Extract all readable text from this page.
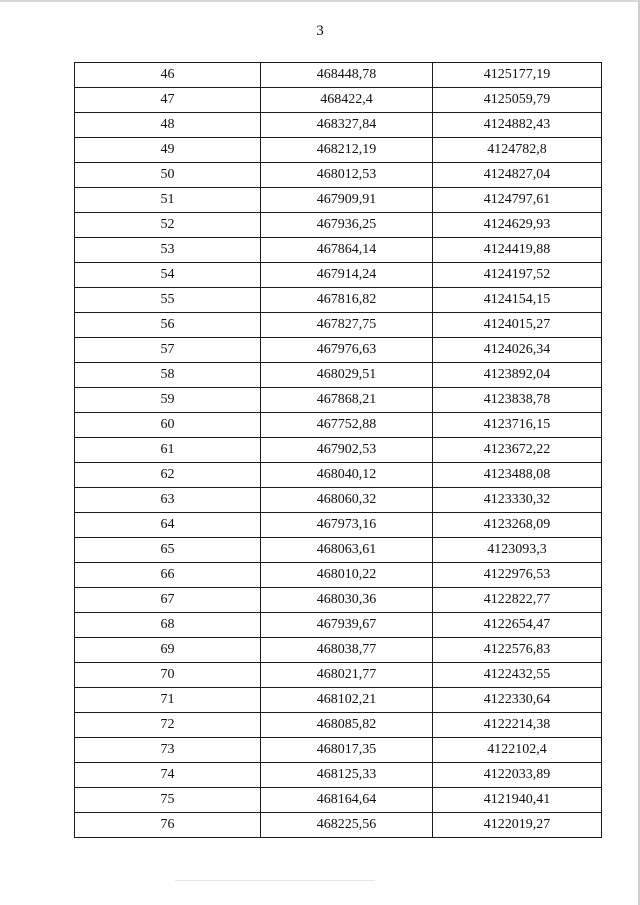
3
46	468448,78	4125177,19
47	468422,4	4125059,79
48	468327,84	4124882,43
49	468212,19	4124782,8
50	468012,53	4124827,04
51	467909,91	4124797,61
52	467936,25	4124629,93
53	467864,14	4124419,88
54	467914,24	4124197,52
55	467816,82	4124154,15
56	467827,75	4124015,27
57	467976,63	4124026,34
58	468029,51	4123892,04
59	467868,21	4123838,78
60	467752,88	4123716,15
61	467902,53	4123672,22
62	468040,12	4123488,08
63	468060,32	4123330,32
64	467973,16	4123268,09
65	468063,61	4123093,3
66	468010,22	4122976,53
67	468030,36	4122822,77
68	467939,67	4122654,47
69	468038,77	4122576,83
70	468021,77	4122432,55
71	468102,21	4122330,64
72	468085,82	4122214,38
73	468017,35	4122102,4
74	468125,33	4122033,89
75	468164,64	4121940,41
76	468225,56	4122019,27
